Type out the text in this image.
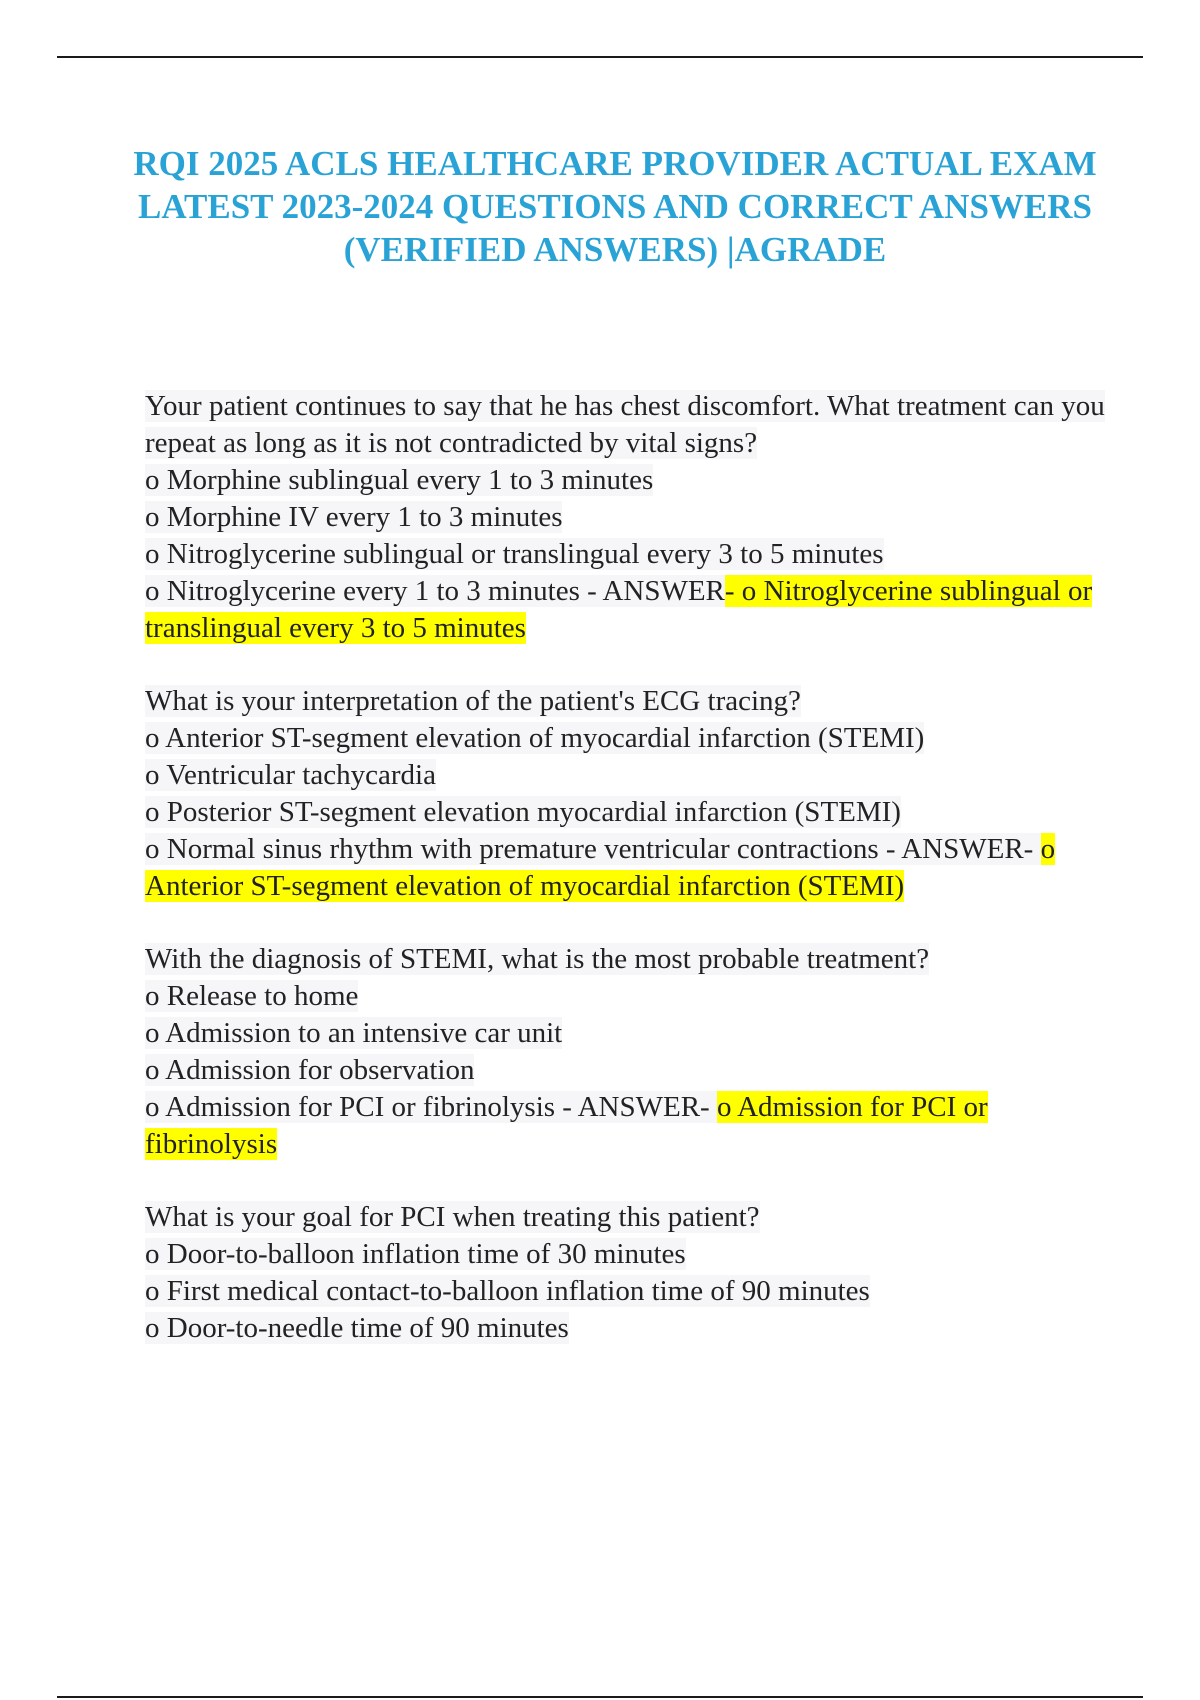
RQI 2025 ACLS HEALTHCARE PROVIDER ACTUAL EXAM LATEST 2023-2024 QUESTIONS AND CORRECT ANSWERS (VERIFIED ANSWERS) |AGRADE
Your patient continues to say that he has chest discomfort. What treatment can you repeat as long as it is not contradicted by vital signs?
o Morphine sublingual every 1 to 3 minutes
o Morphine IV every 1 to 3 minutes
o Nitroglycerine sublingual or translingual every 3 to 5 minutes
o Nitroglycerine every 1 to 3 minutes - ANSWER- o Nitroglycerine sublingual or translingual every 3 to 5 minutes
What is your interpretation of the patient's ECG tracing?
o Anterior ST-segment elevation of myocardial infarction (STEMI)
o Ventricular tachycardia
o Posterior ST-segment elevation myocardial infarction (STEMI)
o Normal sinus rhythm with premature ventricular contractions - ANSWER- o Anterior ST-segment elevation of myocardial infarction (STEMI)
With the diagnosis of STEMI, what is the most probable treatment?
o Release to home
o Admission to an intensive car unit
o Admission for observation
o Admission for PCI or fibrinolysis - ANSWER- o Admission for PCI or fibrinolysis
What is your goal for PCI when treating this patient?
o Door-to-balloon inflation time of 30 minutes
o First medical contact-to-balloon inflation time of 90 minutes
o Door-to-needle time of 90 minutes
